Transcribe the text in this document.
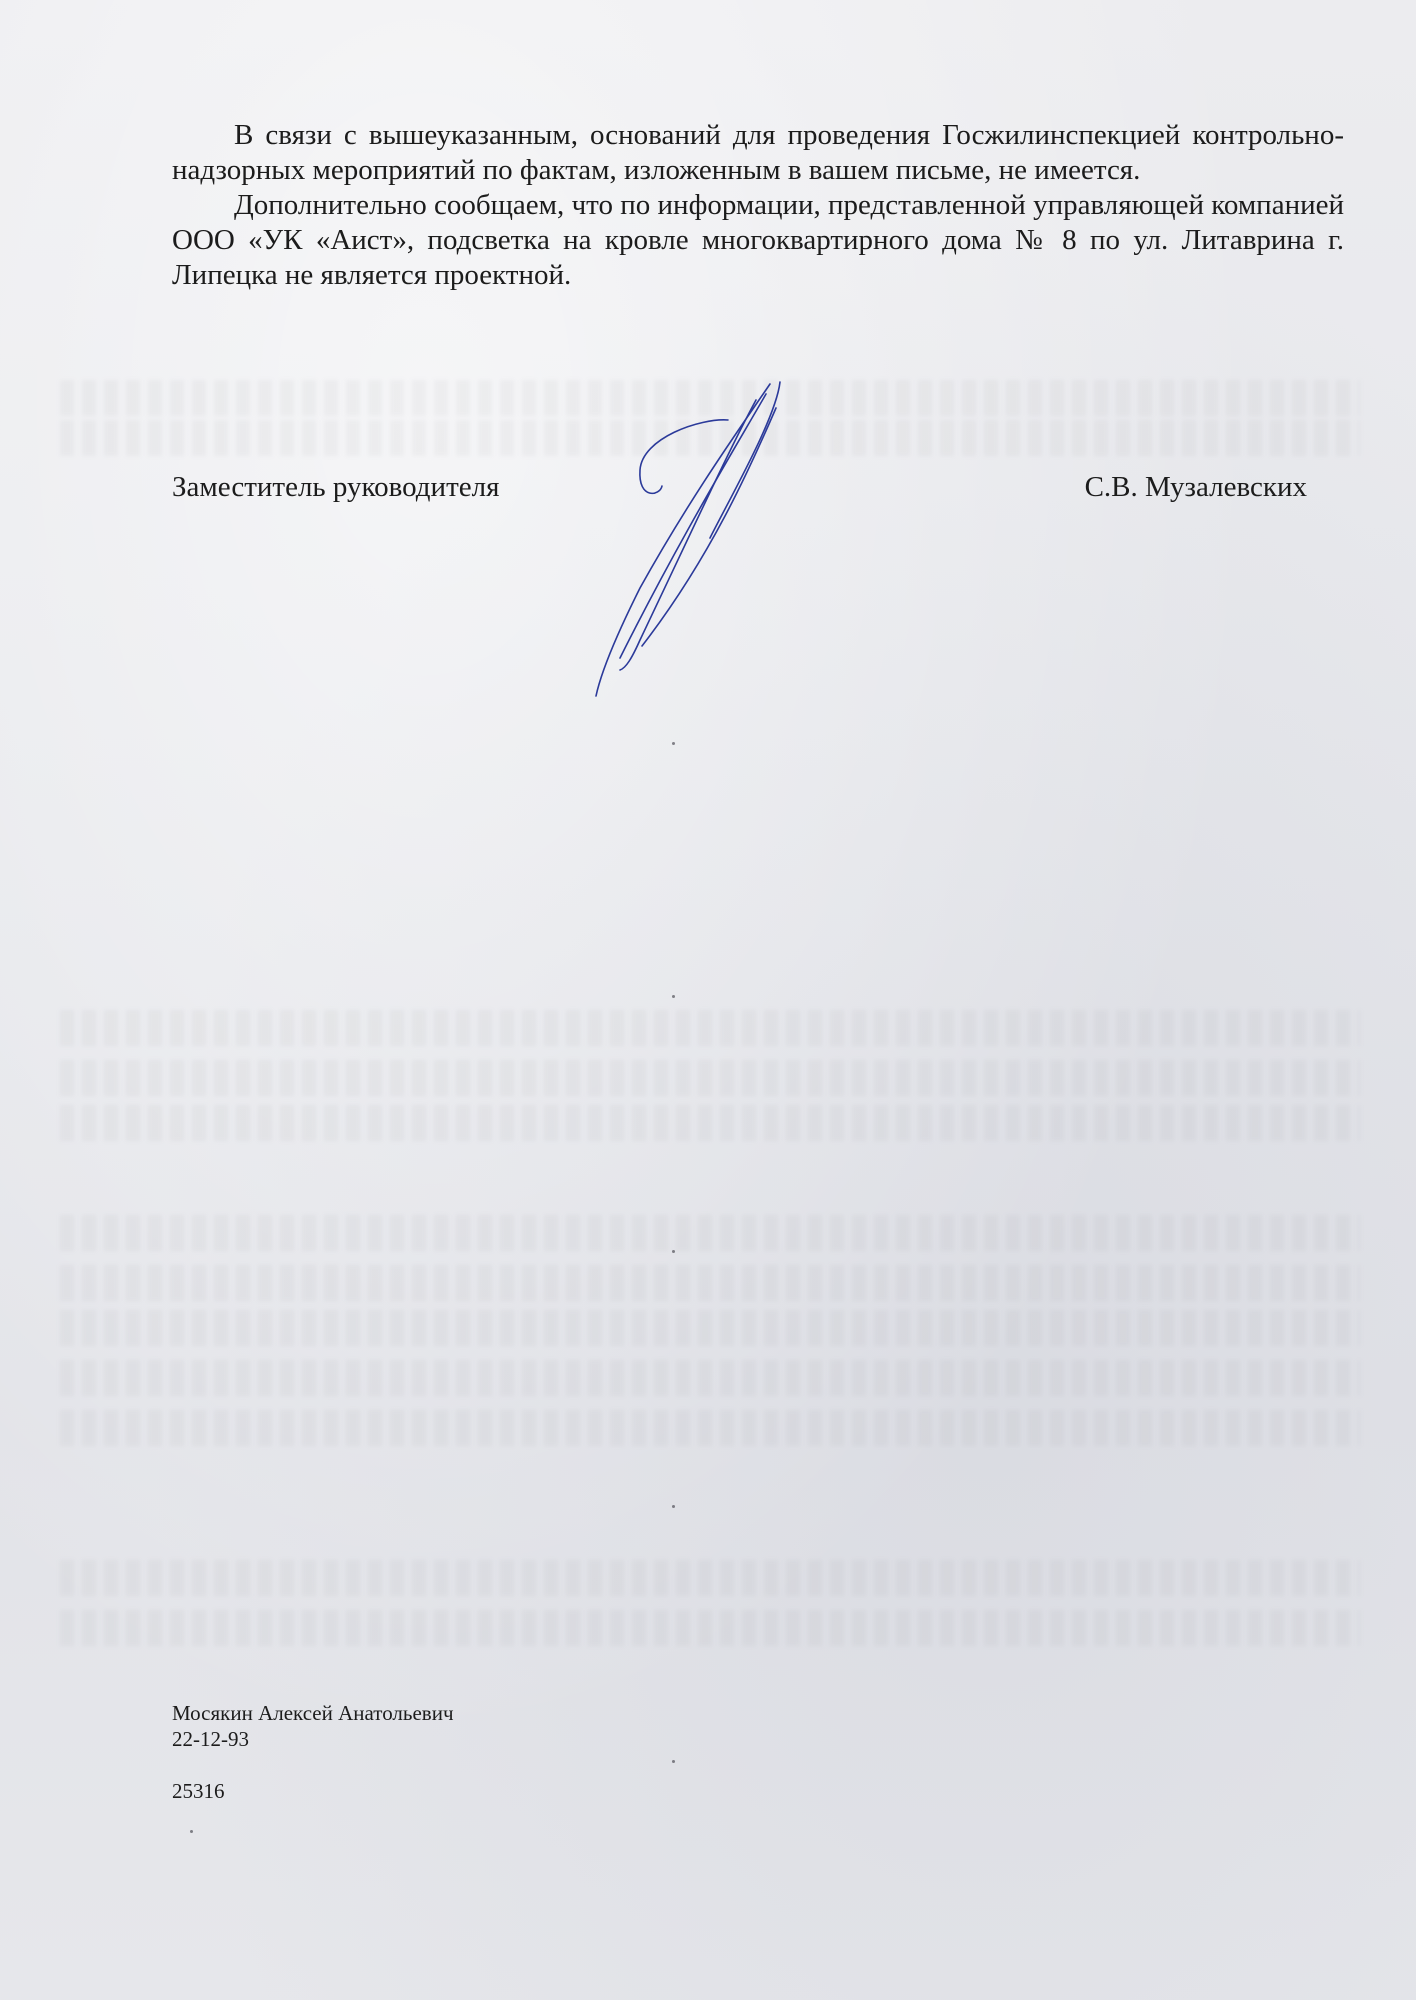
В связи с вышеуказанным, оснований для проведения Госжилинспекцией контрольно-надзорных мероприятий по фактам, изложенным в вашем письме, не имеется.

Дополнительно сообщаем, что по информации, представленной управляющей компанией ООО «УК «Аист», подсветка на кровле многоквартирного дома № 8 по ул. Литаврина г. Липецка не является проектной.

Заместитель руководителя	С.В. Музалевских
Мосякин Алексей Анатольевич
22-12-93
25316
